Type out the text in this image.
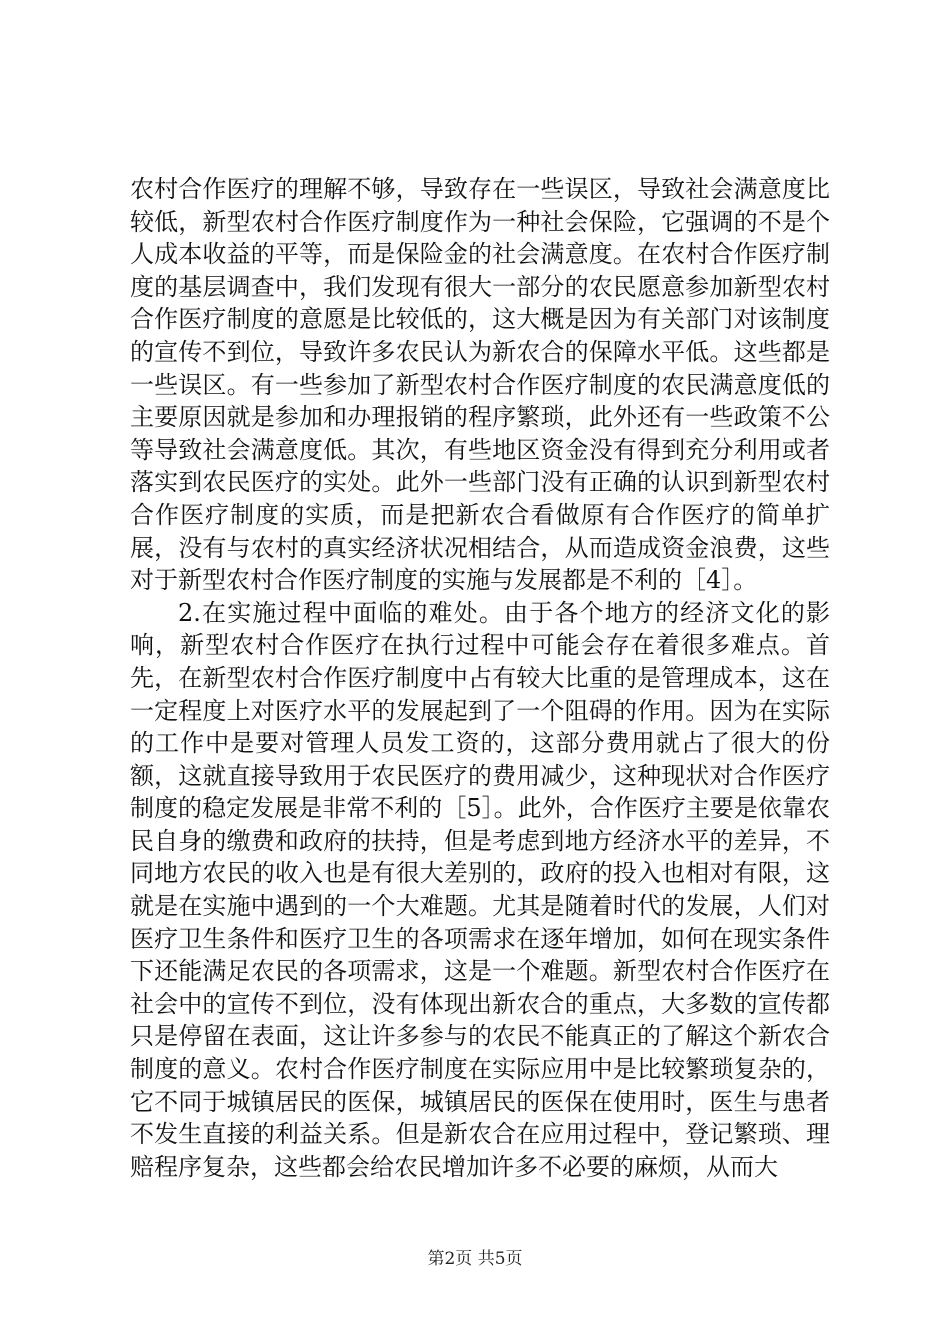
农村合作医疗的理解不够，导致存在一些误区，导致社会满意度比较低，新型农村合作医疗制度作为一种社会保险，它强调的不是个人成本收益的平等，而是保险金的社会满意度。在农村合作医疗制度的基层调查中，我们发现有很大一部分的农民愿意参加新型农村合作医疗制度的意愿是比较低的，这大概是因为有关部门对该制度的宣传不到位，导致许多农民认为新农合的保障水平低。这些都是一些误区。有一些参加了新型农村合作医疗制度的农民满意度低的主要原因就是参加和办理报销的程序繁琐，此外还有一些政策不公等导致社会满意度低。其次，有些地区资金没有得到充分利用或者落实到农民医疗的实处。此外一些部门没有正确的认识到新型农村合作医疗制度的实质，而是把新农合看做原有合作医疗的简单扩展，没有与农村的真实经济状况相结合，从而造成资金浪费，这些对于新型农村合作医疗制度的实施与发展都是不利的［4］。

2.在实施过程中面临的难处。由于各个地方的经济文化的影响，新型农村合作医疗在执行过程中可能会存在着很多难点。首先，在新型农村合作医疗制度中占有较大比重的是管理成本，这在一定程度上对医疗水平的发展起到了一个阻碍的作用。因为在实际的工作中是要对管理人员发工资的，这部分费用就占了很大的份额，这就直接导致用于农民医疗的费用减少，这种现状对合作医疗制度的稳定发展是非常不利的［5］。此外，合作医疗主要是依靠农民自身的缴费和政府的扶持，但是考虑到地方经济水平的差异，不同地方农民的收入也是有很大差别的，政府的投入也相对有限，这就是在实施中遇到的一个大难题。尤其是随着时代的发展，人们对医疗卫生条件和医疗卫生的各项需求在逐年增加，如何在现实条件下还能满足农民的各项需求，这是一个难题。新型农村合作医疗在社会中的宣传不到位，没有体现出新农合的重点，大多数的宣传都只是停留在表面，这让许多参与的农民不能真正的了解这个新农合制度的意义。农村合作医疗制度在实际应用中是比较繁琐复杂的，它不同于城镇居民的医保，城镇居民的医保在使用时，医生与患者不发生直接的利益关系。但是新农合在应用过程中，登记繁琐、理赔程序复杂，这些都会给农民增加许多不必要的麻烦，从而大

第2页 共5页
